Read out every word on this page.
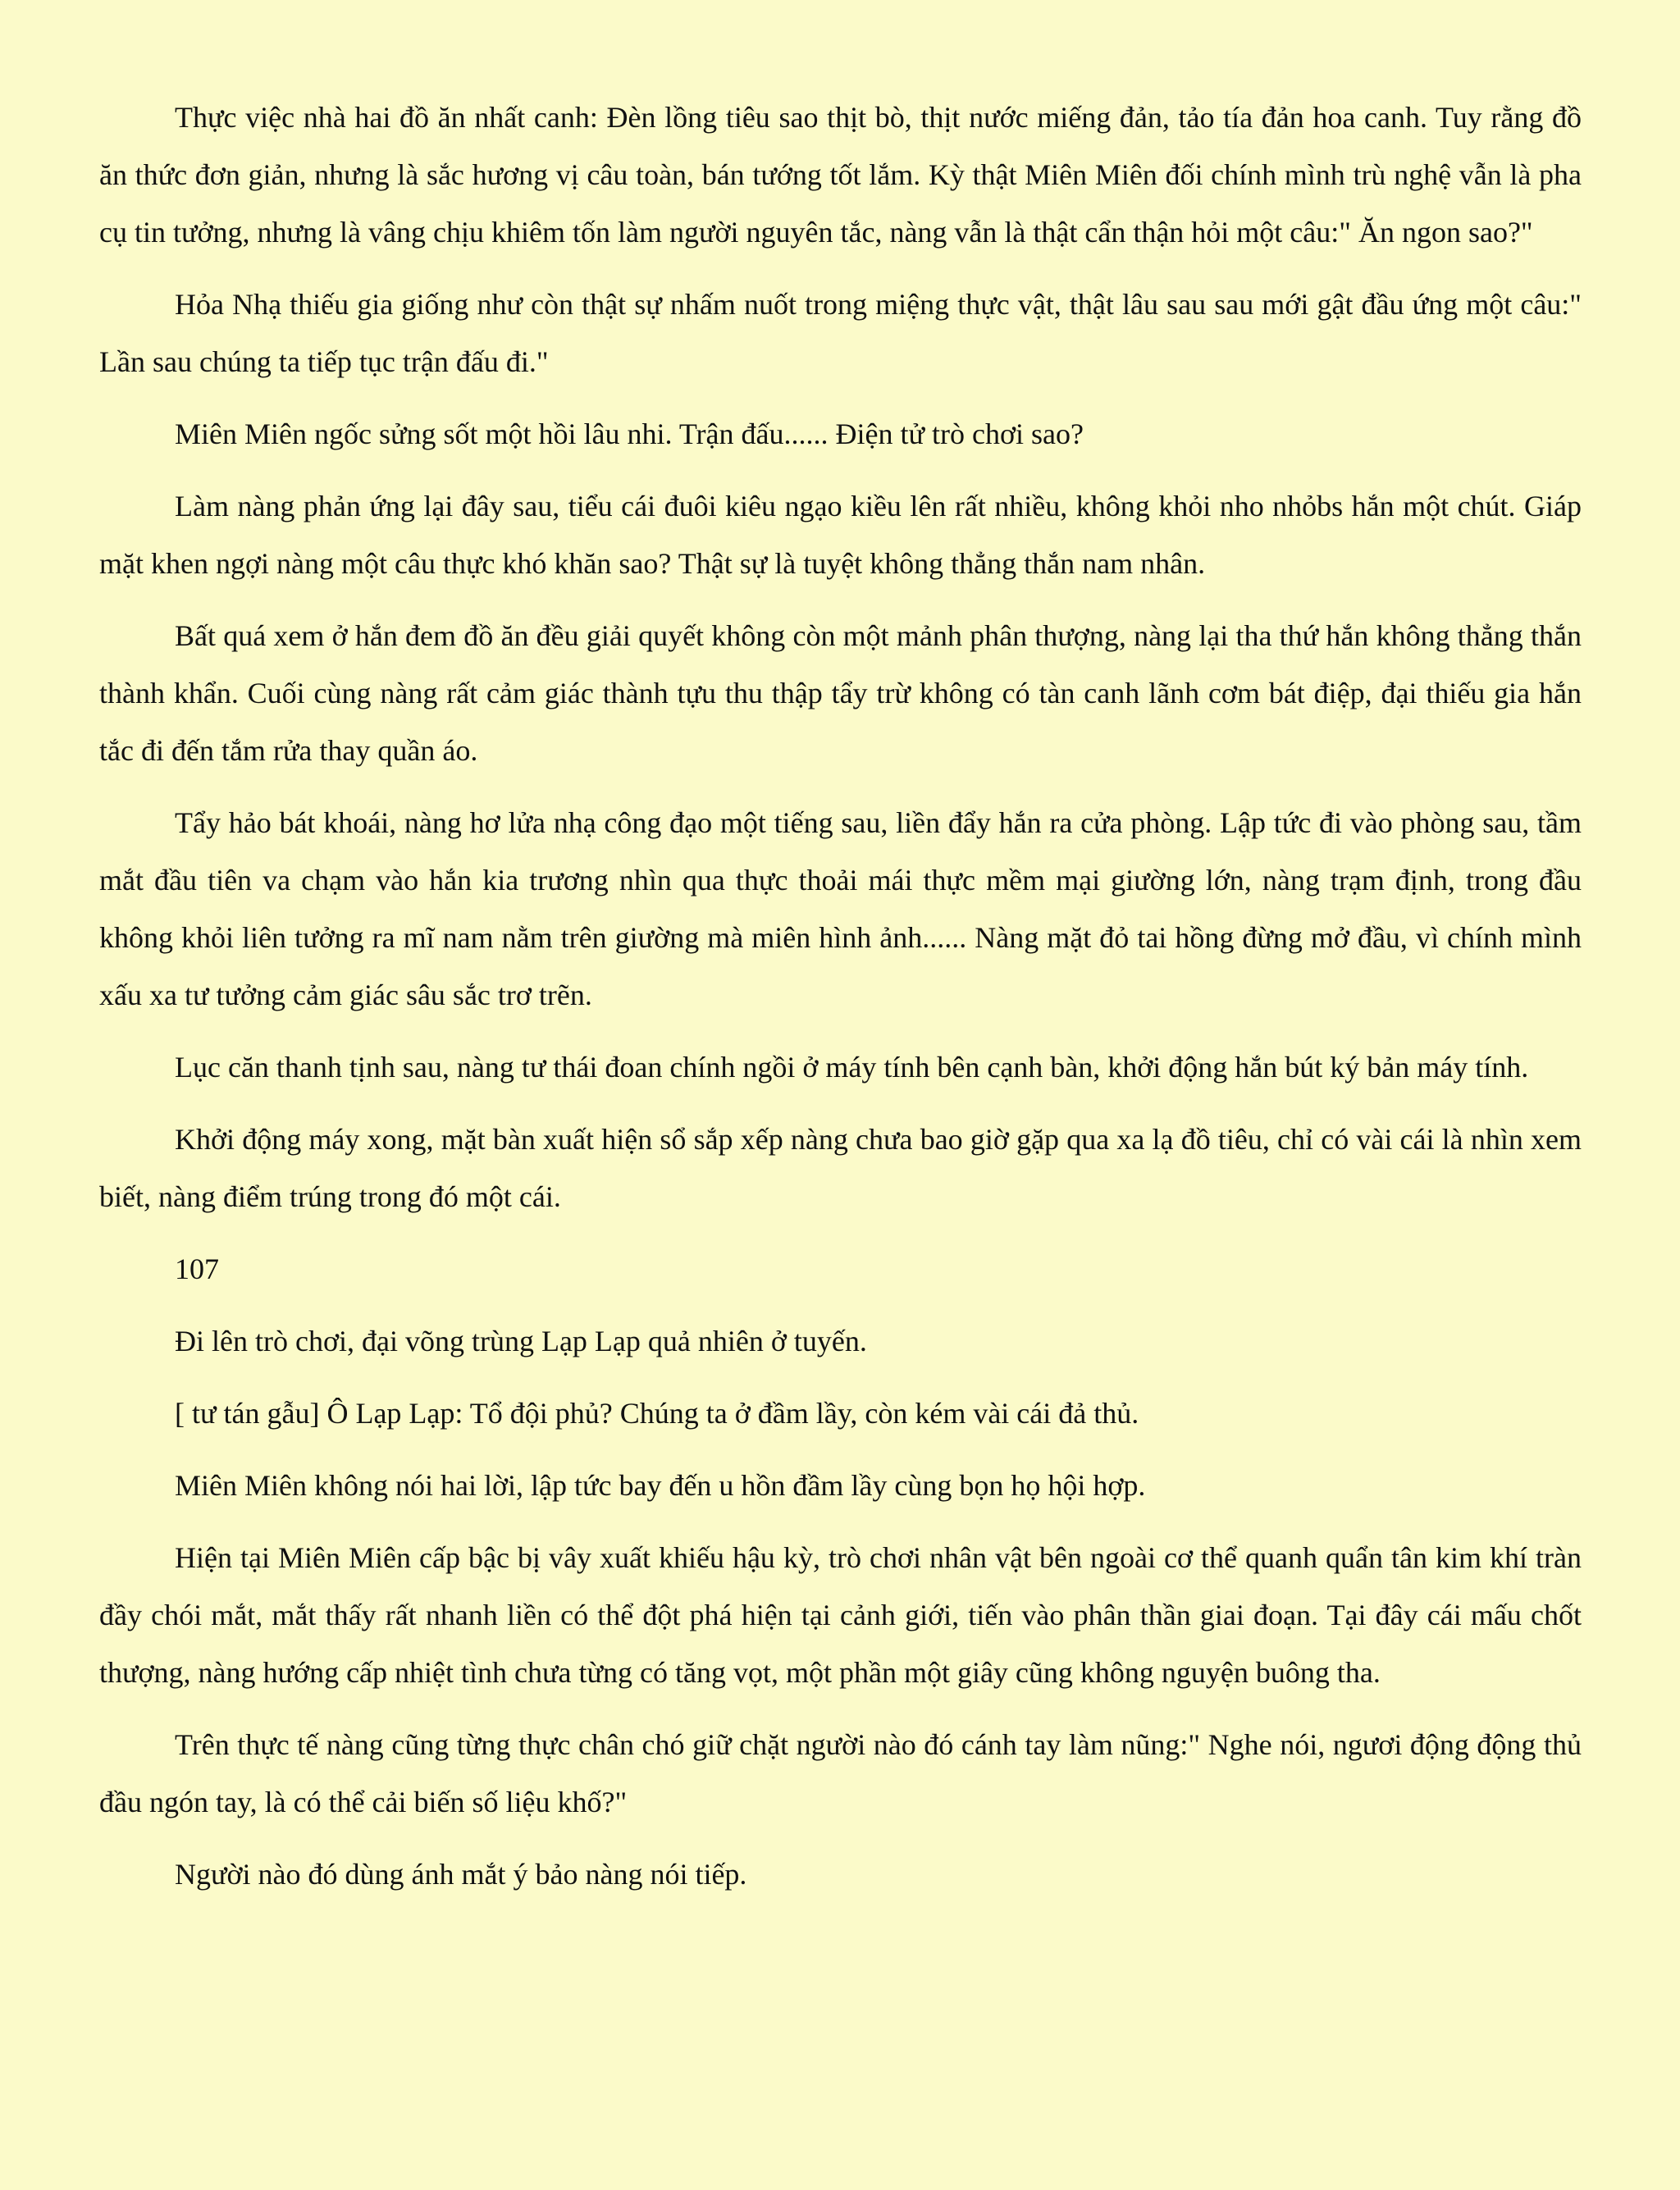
Thực việc nhà hai đồ ăn nhất canh: Đèn lồng tiêu sao thịt bò, thịt nước miếng đản, tảo tía đản hoa canh. Tuy rằng đồ ăn thức đơn giản, nhưng là sắc hương vị câu toàn, bán tướng tốt lắm. Kỳ thật Miên Miên đối chính mình trù nghệ vẫn là pha cụ tin tưởng, nhưng là vâng chịu khiêm tốn làm người nguyên tắc, nàng vẫn là thật cẩn thận hỏi một câu:" Ăn ngon sao?"

Hỏa Nhạ thiếu gia giống như còn thật sự nhấm nuốt trong miệng thực vật, thật lâu sau sau mới gật đầu ứng một câu:" Lần sau chúng ta tiếp tục trận đấu đi."

Miên Miên ngốc sửng sốt một hồi lâu nhi. Trận đấu...... Điện tử trò chơi sao?

Làm nàng phản ứng lại đây sau, tiểu cái đuôi kiêu ngạo kiều lên rất nhiều, không khỏi nho nhỏbs hắn một chút. Giáp mặt khen ngợi nàng một câu thực khó khăn sao? Thật sự là tuyệt không thẳng thắn nam nhân.

Bất quá xem ở hắn đem đồ ăn đều giải quyết không còn một mảnh phân thượng, nàng lại tha thứ hắn không thẳng thắn thành khẩn. Cuối cùng nàng rất cảm giác thành tựu thu thập tẩy trừ không có tàn canh lãnh cơm bát điệp, đại thiếu gia hắn tắc đi đến tắm rửa thay quần áo.

Tẩy hảo bát khoái, nàng hơ lửa nhạ công đạo một tiếng sau, liền đẩy hắn ra cửa phòng. Lập tức đi vào phòng sau, tầm mắt đầu tiên va chạm vào hắn kia trương nhìn qua thực thoải mái thực mềm mại giường lớn, nàng trạm định, trong đầu không khỏi liên tưởng ra mĩ nam nằm trên giường mà miên hình ảnh...... Nàng mặt đỏ tai hồng đừng mở đầu, vì chính mình xấu xa tư tưởng cảm giác sâu sắc trơ trẽn.

Lục căn thanh tịnh sau, nàng tư thái đoan chính ngồi ở máy tính bên cạnh bàn, khởi động hắn bút ký bản máy tính.

Khởi động máy xong, mặt bàn xuất hiện sổ sắp xếp nàng chưa bao giờ gặp qua xa lạ đồ tiêu, chỉ có vài cái là nhìn xem biết, nàng điểm trúng trong đó một cái.

107

Đi lên trò chơi, đại võng trùng Lạp Lạp quả nhiên ở tuyến.

[ tư tán gẫu] Ô Lạp Lạp: Tổ đội phủ? Chúng ta ở đầm lầy, còn kém vài cái đả thủ.

Miên Miên không nói hai lời, lập tức bay đến u hồn đầm lầy cùng bọn họ hội hợp.

Hiện tại Miên Miên cấp bậc bị vây xuất khiếu hậu kỳ, trò chơi nhân vật bên ngoài cơ thể quanh quẩn tân kim khí tràn đầy chói mắt, mắt thấy rất nhanh liền có thể đột phá hiện tại cảnh giới, tiến vào phân thần giai đoạn. Tại đây cái mấu chốt thượng, nàng hướng cấp nhiệt tình chưa từng có tăng vọt, một phần một giây cũng không nguyện buông tha.

Trên thực tế nàng cũng từng thực chân chó giữ chặt người nào đó cánh tay làm nũng:" Nghe nói, ngươi động động thủ đầu ngón tay, là có thể cải biến số liệu khố?"

Người nào đó dùng ánh mắt ý bảo nàng nói tiếp.
